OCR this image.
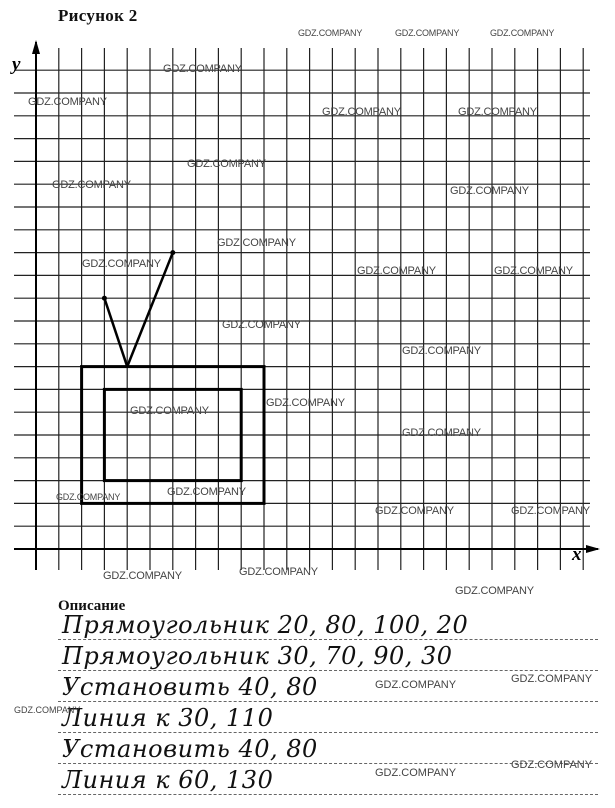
Рисунок 2
GDZ.COMPANY	GDZ.COMPANY	GDZ.COMPANY
GDZ.COMPANY
GDZ.COMPANY
GDZ.COMPANY	GDZ.COMPANY
GDZ.COMPANY
GDZ.COMPANY	GDZ.COMPANY
GDZ.COMPANY
GDZ.COMPANY
GDZ.COMPANY	GDZ.COMPANY
GDZ.COMPANY
GDZ.COMPANY
GDZ.COMPANY
GDZ.COMPANY
GDZ.COMPANY
GDZ.COMPANY	GDZ.COMPANY
GDZ.COMPANY	GDZ.COMPANY
GDZ.COMPANY	GDZ.COMPANY
GDZ.COMPANY
y
x
Описание
Прямоугольник 20, 80, 100, 20
Прямоугольник 30, 70, 90, 30
Установить 40, 80
Линия к 30, 110
Установить 40, 80
Линия к 60, 130
GDZ.COMPANY	GDZ.COMPANY
GDZ.COMPANY
GDZ.COMPANY
GDZ.COMPANY
